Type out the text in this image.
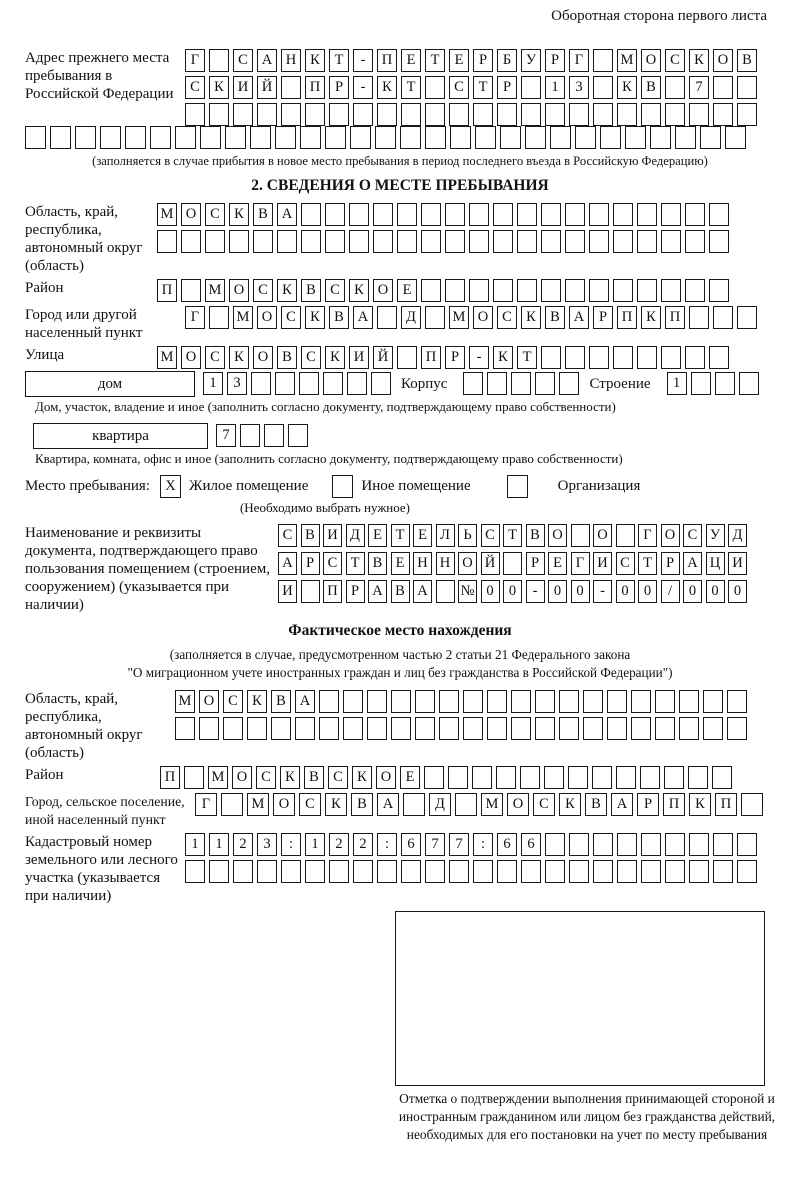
Оборотная сторона первого листа
Адрес прежнего места пребывания в Российской Федерации
Г	С А Н К	Т	-	П Е	Т	Е	Р	Б	У	Р	Г	М О С К О В
С К И Й	П	Р	-	К	Т	С	Т	Р	1	3	К В	7
(заполняется в случае прибытия в новое место пребывания в период последнего въезда в Российскую Федерацию)
2. СВЕДЕНИЯ О МЕСТЕ ПРЕБЫВАНИЯ
Область, край, республика, автономный округ (область)
М О С К В А
Район	П	М О С К В С К О Е
Город или другой населенный пункт
Г	М О С К В А	Д	М О С К В А	Р	П К П
Улица	М О С К О В С К И Й	П	Р	-	К	Т
дом	1	3	Корпус	Строение	1
Дом, участок, владение и иное (заполнить согласно документу, подтверждающему право собственности)
квартира	7
Квартира, комната, офис и иное (заполнить согласно документу, подтверждающему право собственности)
Место пребывания:	X Жилое помещение	Иное помещение	Организация
(Необходимо выбрать нужное)
Наименование и реквизиты документа, подтверждающего право пользования помещением (строением, сооружением) (указывается при наличии)
С В И Д Е Т Е Л Ь С Т В О О	Г О С У Д
А Р С Т В Е Н Н О Й	Р Е Г И С Т Р А Ц И
И П Р А В А № 0	0	-	0	0	-	0	0	/	0	0	0
Фактическое место нахождения
(заполняется в случае, предусмотренном частью 2 статьи 21 Федерального закона
"О миграционном учете иностранных граждан и лиц без гражданства в Российской Федерации")
Область, край, республика, автономный округ (область)
М О С К В А
Район	П	М О С К В С К О Е
Город, сельское поселение, иной населенный пункт
Г	М О	С	К	В	А	Д	М О	С	К	В	А	Р	П	К	П
Кадастровый номер земельного или лесного участка (указывается при наличии)
1	1	2	3	:	1	2	2	:	6	7	7	:	6	6
Отметка о подтверждении выполнения принимающей стороной и иностранным гражданином или лицом без гражданства действий, необходимых для его постановки на учет по месту пребывания
